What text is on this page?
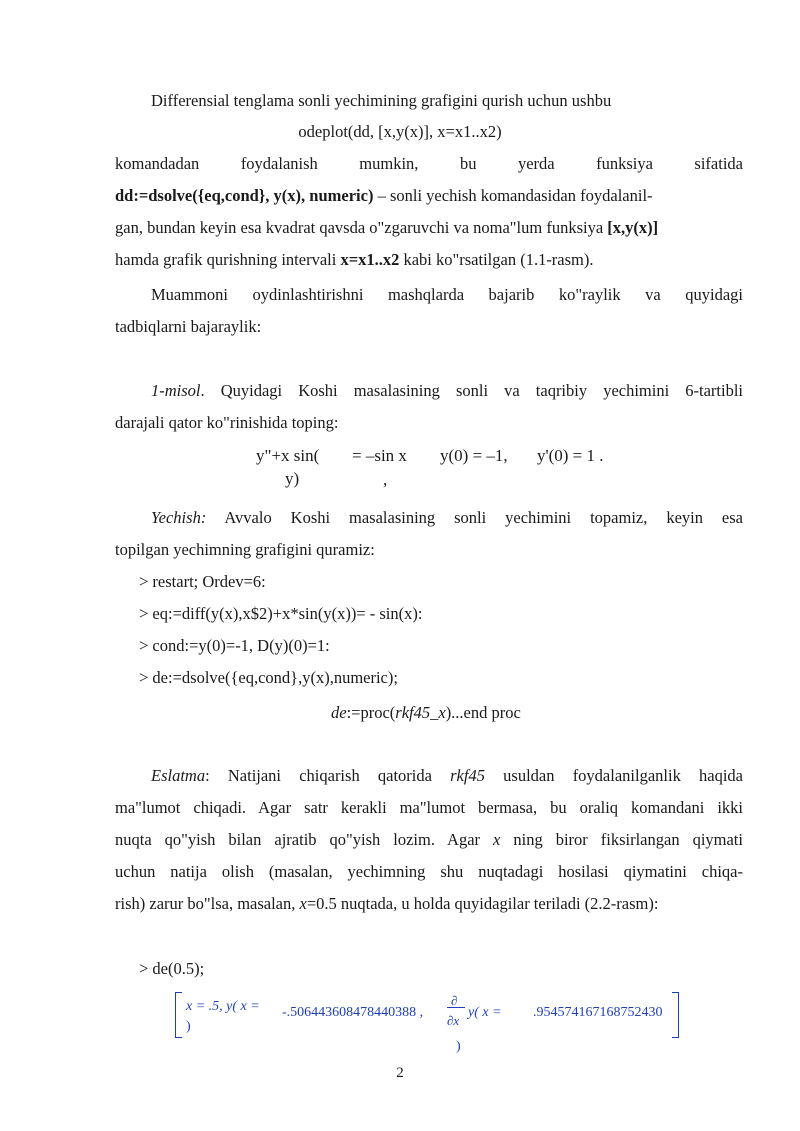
Differensial tenglama sonli yechimining grafigini qurish uchun ushbu
odeplot(dd, [x,y(x)], x=x1..x2)
komandadan	foydalanish	mumkin,	bu	yerda	funksiya	sifatida
dd:=dsolve({eq,cond}, y(x), numeric) – sonli yechish komandasidan foydalanil-
gan, bundan keyin esa kvadrat qavsda o"zgaruvchi va noma"lum funksiya [x,y(x)]
hamda grafik qurishning intervali x=x1..x2 kabi ko"rsatilgan (1.1-rasm).
Muammoni oydinlashtirishni mashqlarda bajarib ko"raylik va quyidagi
tadbiqlarni bajaraylik:
1-misol. Quyidagi Koshi masalasining sonli va taqribiy yechimini 6-tartibli
darajali qator ko"rinishida toping:
y"+x sin(
y)
= –sin x
,
y(0) = –1, y'(0) = 1 .
Yechish: Avvalo Koshi masalasining sonli yechimini topamiz, keyin esa
topilgan yechimning grafigini quramiz:
> restart; Ordev=6:
> eq:=diff(y(x),x$2)+x*sin(y(x))= - sin(x):
> cond:=y(0)=-1, D(y)(0)=1:
> de:=dsolve({eq,cond},y(x),numeric);
de:=proc(rkf45_x)...end proc
Eslatma: Natijani chiqarish qatorida rkf45 usuldan foydalanilganlik haqida
ma"lumot chiqadi. Agar satr kerakli ma"lumot bermasa, bu oraliq komandani ikki
nuqta qo"yish bilan ajratib qo"yish lozim. Agar x ning biror fiksirlangan qiymati
uchun natija olish (masalan, yechimning shu nuqtadagi hosilasi qiymatini chiqa-
rish) zarur bo"lsa, masalan, x=0.5 nuqtada, u holda quyidagilar teriladi (2.2-rasm):
> de(0.5);
x = .5, y( x =
)
-.506443608478440388 ,
∂
∂x
y( x = .954574167168752430
)
2
